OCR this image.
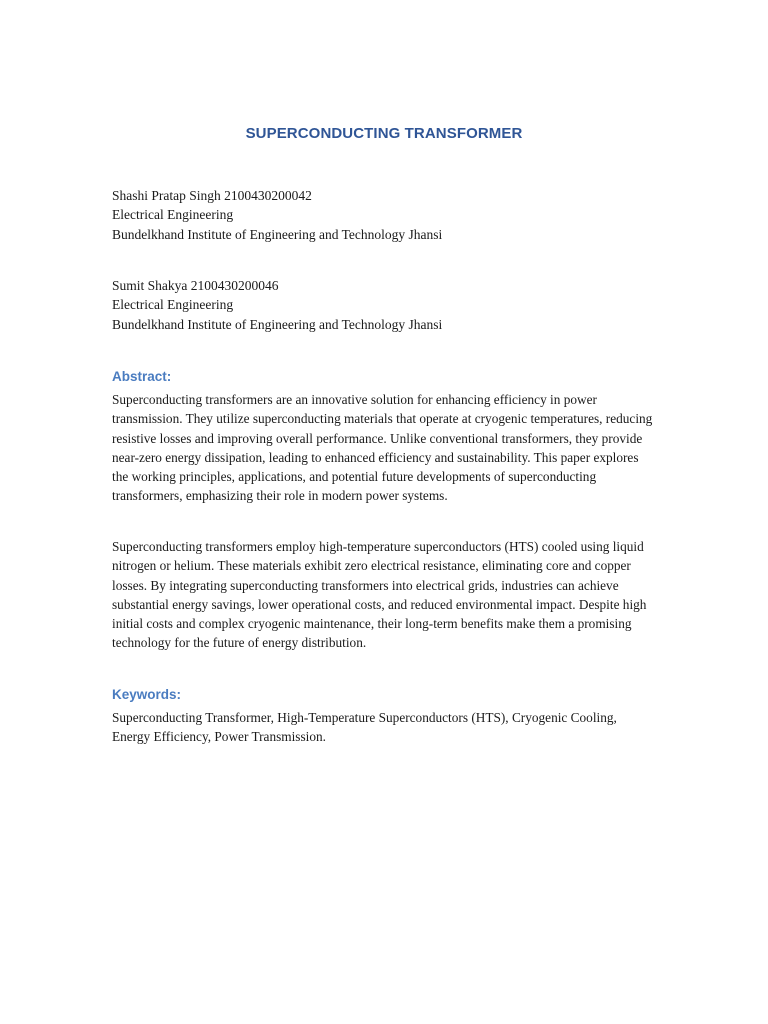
SUPERCONDUCTING TRANSFORMER
Shashi Pratap Singh 2100430200042
Electrical Engineering
Bundelkhand Institute of Engineering and Technology Jhansi
Sumit Shakya 2100430200046
Electrical Engineering
Bundelkhand Institute of Engineering and Technology Jhansi
Abstract:
Superconducting transformers are an innovative solution for enhancing efficiency in power transmission. They utilize superconducting materials that operate at cryogenic temperatures, reducing resistive losses and improving overall performance. Unlike conventional transformers, they provide near-zero energy dissipation, leading to enhanced efficiency and sustainability. This paper explores the working principles, applications, and potential future developments of superconducting transformers, emphasizing their role in modern power systems.
Superconducting transformers employ high-temperature superconductors (HTS) cooled using liquid nitrogen or helium. These materials exhibit zero electrical resistance, eliminating core and copper losses. By integrating superconducting transformers into electrical grids, industries can achieve substantial energy savings, lower operational costs, and reduced environmental impact. Despite high initial costs and complex cryogenic maintenance, their long-term benefits make them a promising technology for the future of energy distribution.
Keywords:
Superconducting Transformer, High-Temperature Superconductors (HTS), Cryogenic Cooling, Energy Efficiency, Power Transmission.
